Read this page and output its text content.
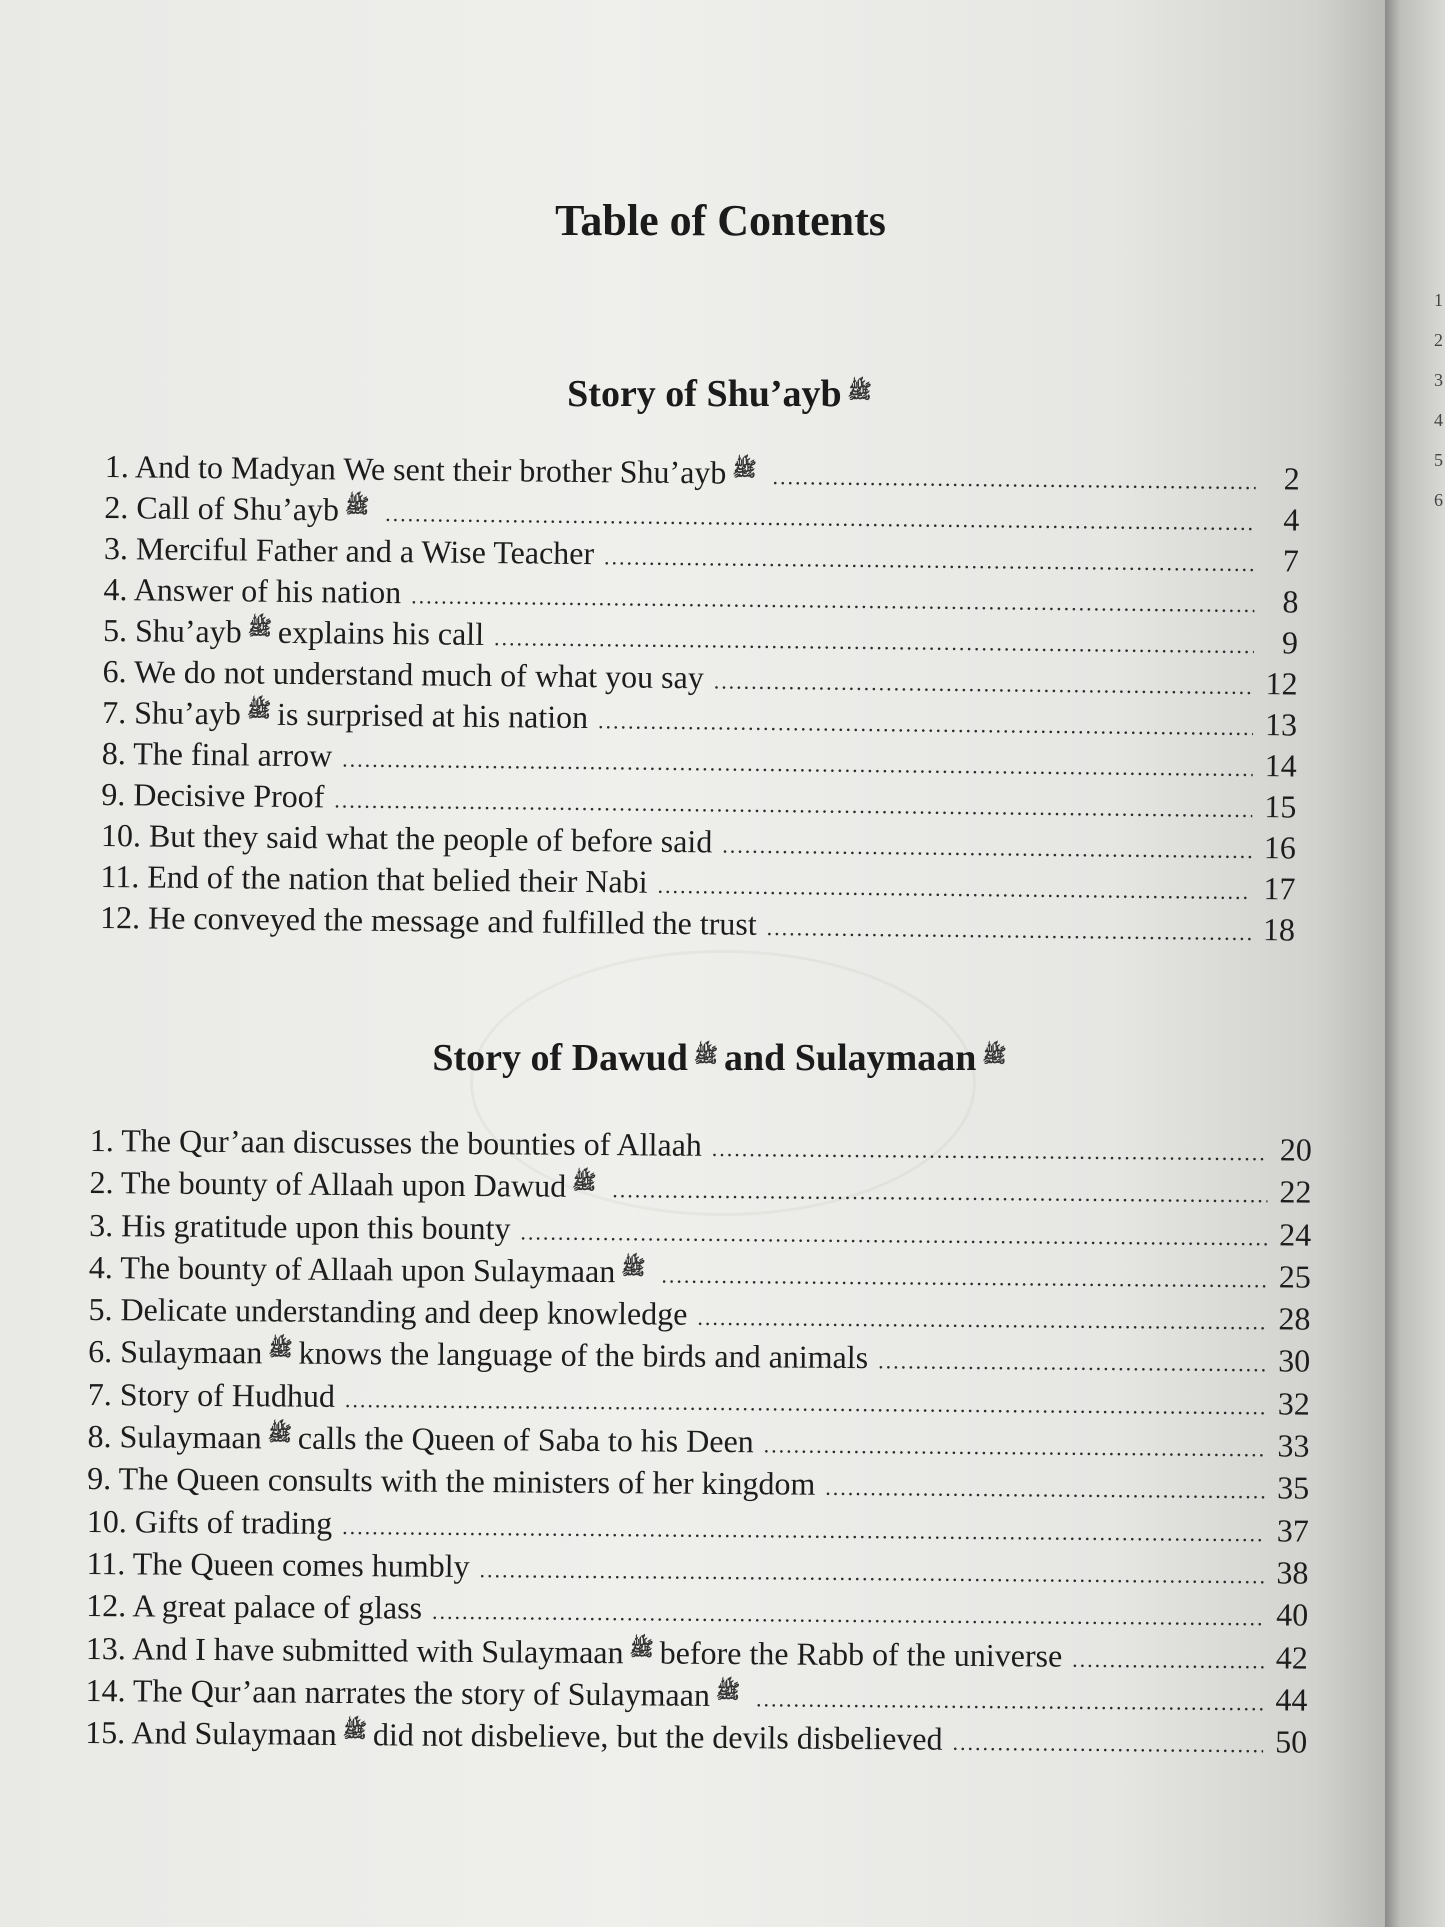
Table of Contents
Story of Shu’ayb ﷺ
1. And to Madyan We sent their brother Shu’ayb ﷺ .....	2
2. Call of Shu’ayb ﷺ .....	4
3. Merciful Father and a Wise Teacher .....	7
4. Answer of his nation .....	8
5. Shu’ayb ﷺ explains his call .....	9
6. We do not understand much of what you say .....	12
7. Shu’ayb ﷺ is surprised at his nation .....	13
8. The final arrow .....	14
9. Decisive Proof .....	15
10. But they said what the people of before said .....	16
11. End of the nation that belied their Nabi .....	17
12. He conveyed the message and fulfilled the trust .....	18
Story of Dawud ﷺ and Sulaymaan ﷺ
1. The Qur’aan discusses the bounties of Allaah .....	20
2. The bounty of Allaah upon Dawud ﷺ .....	22
3. His gratitude upon this bounty .....	24
4. The bounty of Allaah upon Sulaymaan ﷺ .....	25
5. Delicate understanding and deep knowledge .....	28
6. Sulaymaan ﷺ knows the language of the birds and animals .....	30
7. Story of Hudhud .....	32
8. Sulaymaan ﷺ calls the Queen of Saba to his Deen .....	33
9. The Queen consults with the ministers of her kingdom .....	35
10. Gifts of trading .....	37
11. The Queen comes humbly .....	38
12. A great palace of glass .....	40
13. And I have submitted with Sulaymaan ﷺ before the Rabb of the universe .....	42
14. The Qur’aan narrates the story of Sulaymaan ﷺ .....	44
15. And Sulaymaan ﷺ did not disbelieve, but the devils disbelieved .....	50
1
2
3
4
5
6
